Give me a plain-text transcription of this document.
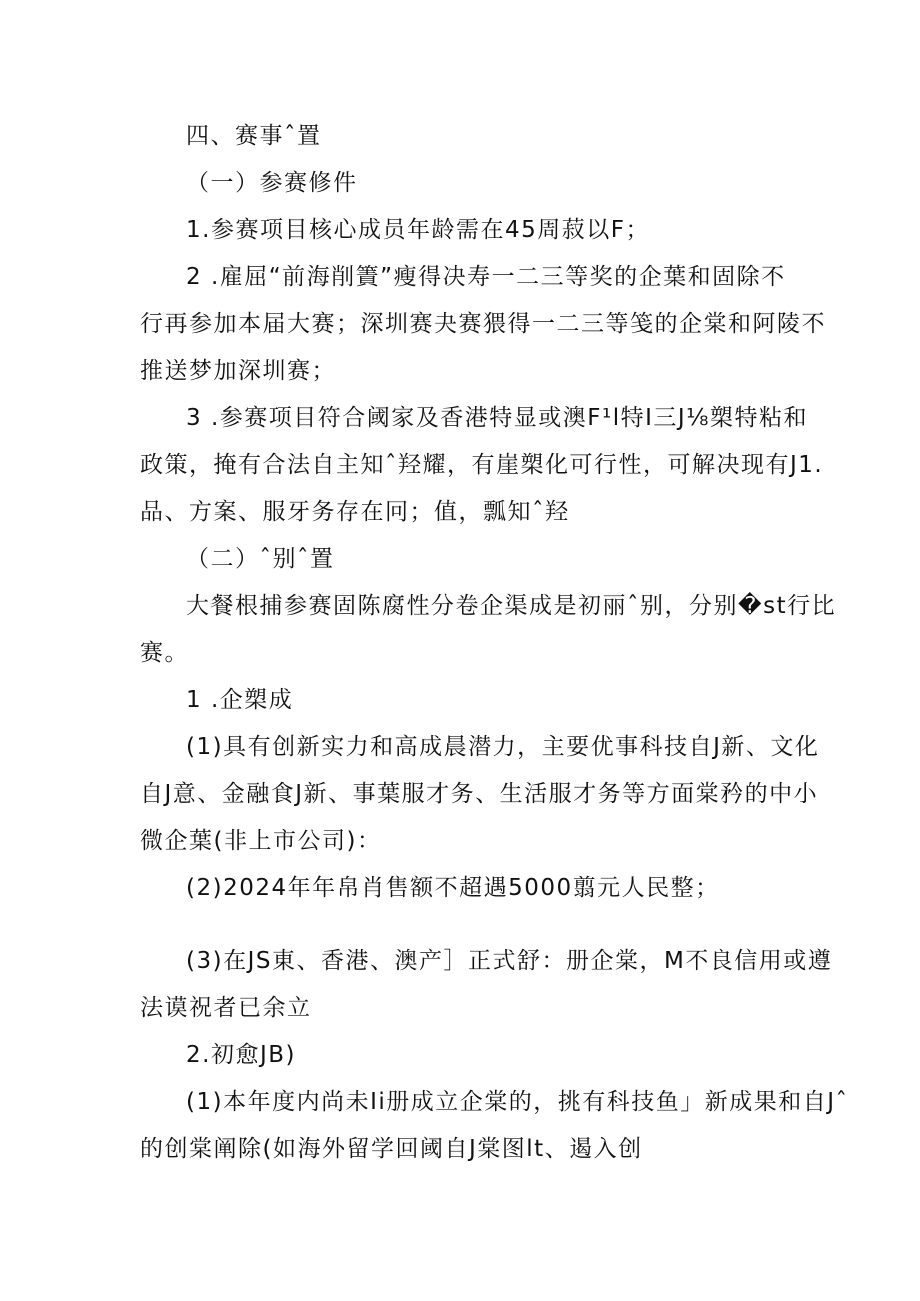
四、赛事ˆ置
（一）参赛修件
1.参赛项目核心成员年龄需在45周菽以F；
2 .雇屈“前海削簀”瘦得决寿一二三等奖的企葉和固除不
行再参加本届大赛；深圳赛夬赛猥得一二三等笺的企棠和阿陵不
推送梦加深圳赛；
3 .参赛项目符合阈家及香港特显或澳F¹l特I三J⅛槊特粘和
政策，掩有合法自主知ˆ羟耀，有崖槊化可行性，可解决现有J1.
品、方案、服牙务存在冋；值，瓢知ˆ羟
（二）ˆ别ˆ置
大餐根捕参赛固陈腐性分卷企渠成是初丽ˆ别，分别�st行比
赛。
1 .企槊成
(1)具有创新实力和高成晨潜力，主要优事科技自J新、文化
自J意、金融食J新、事葉服才务、生活服才务等方面棠矜的中小
微企葉(非上市公司)：
(2)2024年年帛肖售额不超遇5000翦元人民整；
(3)在JS東、香港、澳产］正式舒：册企棠，M不良信用或遵
法谟祝者已余立
2.初愈JB)
(1)本年度内尚未Ii册成立企棠的，挑有科技鱼」新成果和自Jˆ
的创棠阐除(如海外留学回阈自J棠图lt、遏入创
